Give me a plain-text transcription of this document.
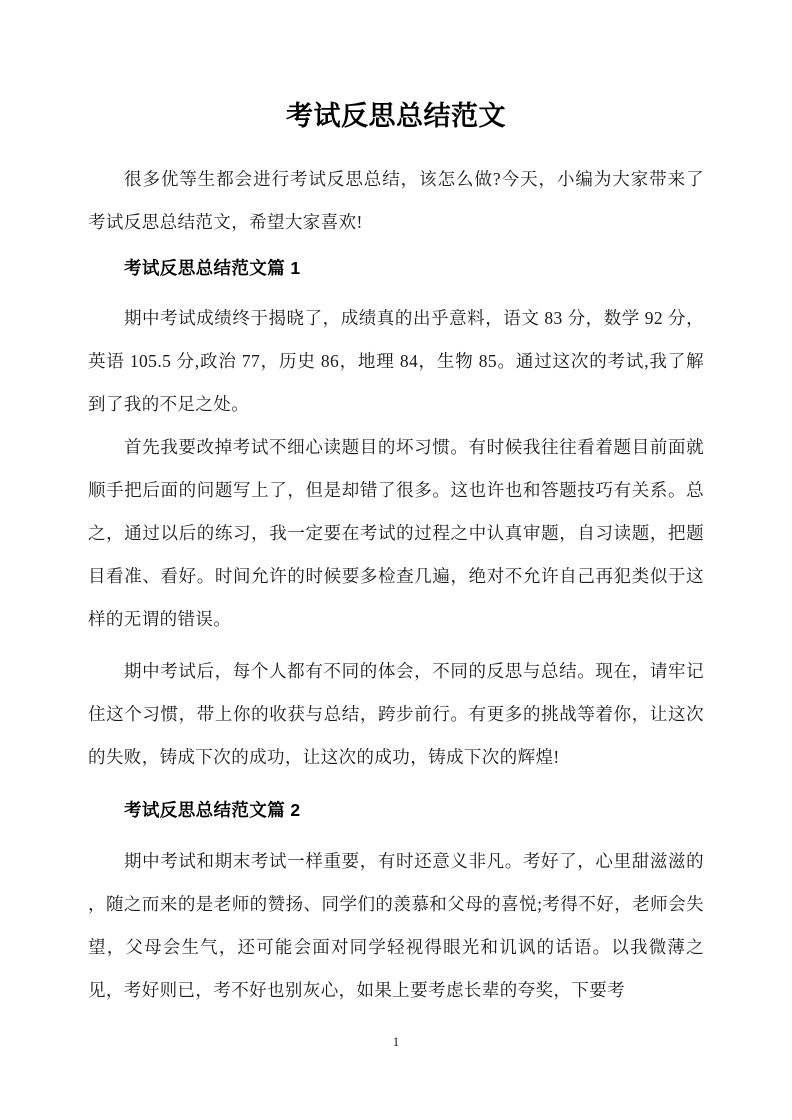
考试反思总结范文

很多优等生都会进行考试反思总结，该怎么做?今天，小编为大家带来了考试反思总结范文，希望大家喜欢!

考试反思总结范文篇 1

期中考试成绩终于揭晓了，成绩真的出乎意料，语文 83 分，数学 92 分，英语 105.5 分,政治 77，历史 86，地理 84，生物 85。通过这次的考试,我了解到了我的不足之处。

首先我要改掉考试不细心读题目的坏习惯。有时候我往往看着题目前面就顺手把后面的问题写上了，但是却错了很多。这也许也和答题技巧有关系。总之，通过以后的练习，我一定要在考试的过程之中认真审题，自习读题，把题目看准、看好。时间允许的时候要多检查几遍，绝对不允许自己再犯类似于这样的无谓的错误。

期中考试后，每个人都有不同的体会，不同的反思与总结。现在，请牢记住这个习惯，带上你的收获与总结，跨步前行。有更多的挑战等着你，让这次的失败，铸成下次的成功，让这次的成功，铸成下次的辉煌!

考试反思总结范文篇 2

期中考试和期末考试一样重要，有时还意义非凡。考好了，心里甜滋滋的 ，随之而来的是老师的赞扬、同学们的羡慕和父母的喜悦;考得不好，老师会失望，父母会生气，还可能会面对同学轻视得眼光和讥讽的话语。以我微薄之见，考好则已，考不好也别灰心，如果上要考虑长辈的夸奖，下要考

1
